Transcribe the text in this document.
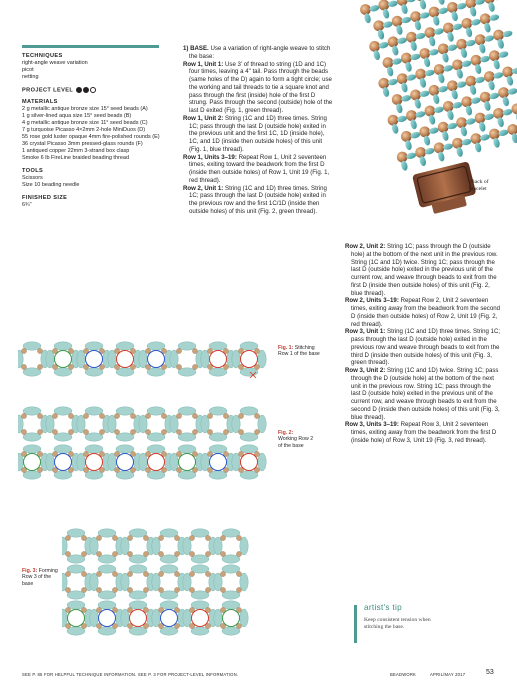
TECHNIQUES
right-angle weave variation
picot
netting
PROJECT LEVEL
MATERIALS
2 g metallic antique bronze size 15° seed beads (A)
1 g silver-lined aqua size 15° seed beads (B)
4 g metallic antique bronze size 11° seed beads (C)
7 g turquoise Picasso 4×2mm 2-hole MiniDuos (D)
55 rose gold luster opaque 4mm fire-polished rounds (E)
36 crystal Picasso 3mm pressed-glass rounds (F)
1 antiqued copper 22mm 3-strand box clasp
Smoke 6 lb FireLine braided beading thread
TOOLS
Scissors
Size 10 beading needle
FINISHED SIZE
6¾"
1) BASE. Use a variation of right-angle weave to stitch the base:
Row 1, Unit 1: Use 3' of thread to string (1D and 1C) four times, leaving a 4" tail. Pass through the beads (same holes of the D) again to form a tight circle; use the working and tail threads to tie a square knot and pass through the first (inside) hole of the first D strung. Pass through the second (outside) hole of the last D exited (Fig. 1, green thread).
Row 1, Unit 2: String (1C and 1D) three times. String 1C; pass through the last D (outside hole) exited in the previous unit and the first 1C, 1D (inside hole), 1C, and 1D (inside then outside holes) of this unit (Fig. 1, blue thread).
Row 1, Units 3–19: Repeat Row 1, Unit 2 seventeen times, exiting toward the beadwork from the first D (inside then outside holes) of Row 1, Unit 19 (Fig. 1, red thread).
Row 2, Unit 1: String (1C and 1D) three times. String 1C; pass through the last D (outside hole) exited in the previous row and the first 1C/1D (inside then outside holes) of this unit (Fig. 2, green thread).
Back of
bracelet
Row 2, Unit 2: String 1C; pass through the D (outside hole) at the bottom of the next unit in the previous row. String (1C and 1D) twice. String 1C; pass through the last D (outside hole) exited in the previous unit of the current row, and weave through beads to exit from the first D (inside then outside holes) of this unit (Fig. 2, blue thread).
Row 2, Units 3–19: Repeat Row 2, Unit 2 seventeen times, exiting away from the beadwork from the second D (inside then outside holes) of Row 2, Unit 19 (Fig. 2, red thread).
Row 3, Unit 1: String (1C and 1D) three times. String 1C; pass through the last D (outside hole) exited in the previous row and weave through beads to exit from the third D (inside then outside holes) of this unit (Fig. 3, green thread).
Row 3, Unit 2: String (1C and 1D) twice. String 1C; pass through the D (outside hole) at the bottom of the next unit in the previous row. String 1C; pass through the last D (outside hole) exited in the previous unit of the current row, and weave through beads to exit from the second D (inside then outside holes) of this unit (Fig. 3, blue thread).
Row 3, Units 3–19: Repeat Row 3, Unit 2 seventeen times, exiting away from the beadwork from the first D (inside hole) of Row 3, Unit 19 (Fig. 3, red thread).
Fig. 1: Stitching Row 1 of the base
Fig. 2:
Working Row 2 of the base
Fig. 3: Forming Row 3 of the base
artist's tip
Keep consistent tension when stitching the base.
SEE P. 85 FOR HELPFUL TECHNIQUE INFORMATION. SEE P. 3 FOR PROJECT-LEVEL INFORMATION.	BEADWORK	APRIL/MAY 2017	53
